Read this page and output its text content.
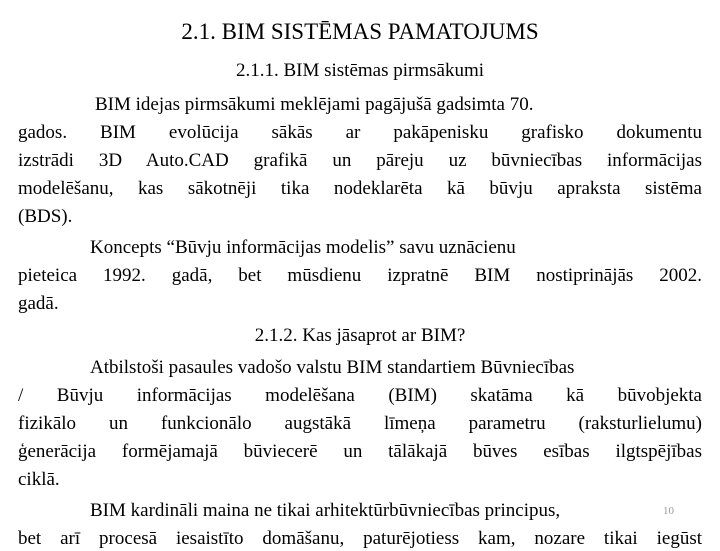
2.1. BIM SISTĒMAS PAMATOJUMS
2.1.1. BIM sistēmas pirmsākumi
BIM idejas pirmsākumi meklējami pagājušā gadsimta 70.
gados. BIM evolūcija sākās ar pakāpenisku grafisko dokumentu
izstrādi 3D Auto.CAD grafikā un pāreju uz būvniecības informācijas
modelēšanu, kas sākotnēji tika nodeklarēta kā būvju apraksta sistēma
(BDS).
Koncepts “Būvju informācijas modelis” savu uznācienu
pieteica 1992. gadā, bet mūsdienu izpratnē BIM nostiprinājās 2002.
gadā.
2.1.2. Kas jāsaprot ar BIM?
Atbilstoši pasaules vadošo valstu BIM standartiem Būvniecības
/ Būvju informācijas modelēšana (BIM) skatāma kā būvobjekta
fizikālo un funkcionālo augstākā līmeņa parametru (raksturlielumu)
ģenerācija formējamajā būviecerē un tālākajā būves esības ilgtspējības
ciklā.
BIM kardināli maina ne tikai arhitektūrbūvniecības principus,
bet arī procesā iesaistīto domāšanu, paturējotiess kam, nozare tikai iegūst
10
